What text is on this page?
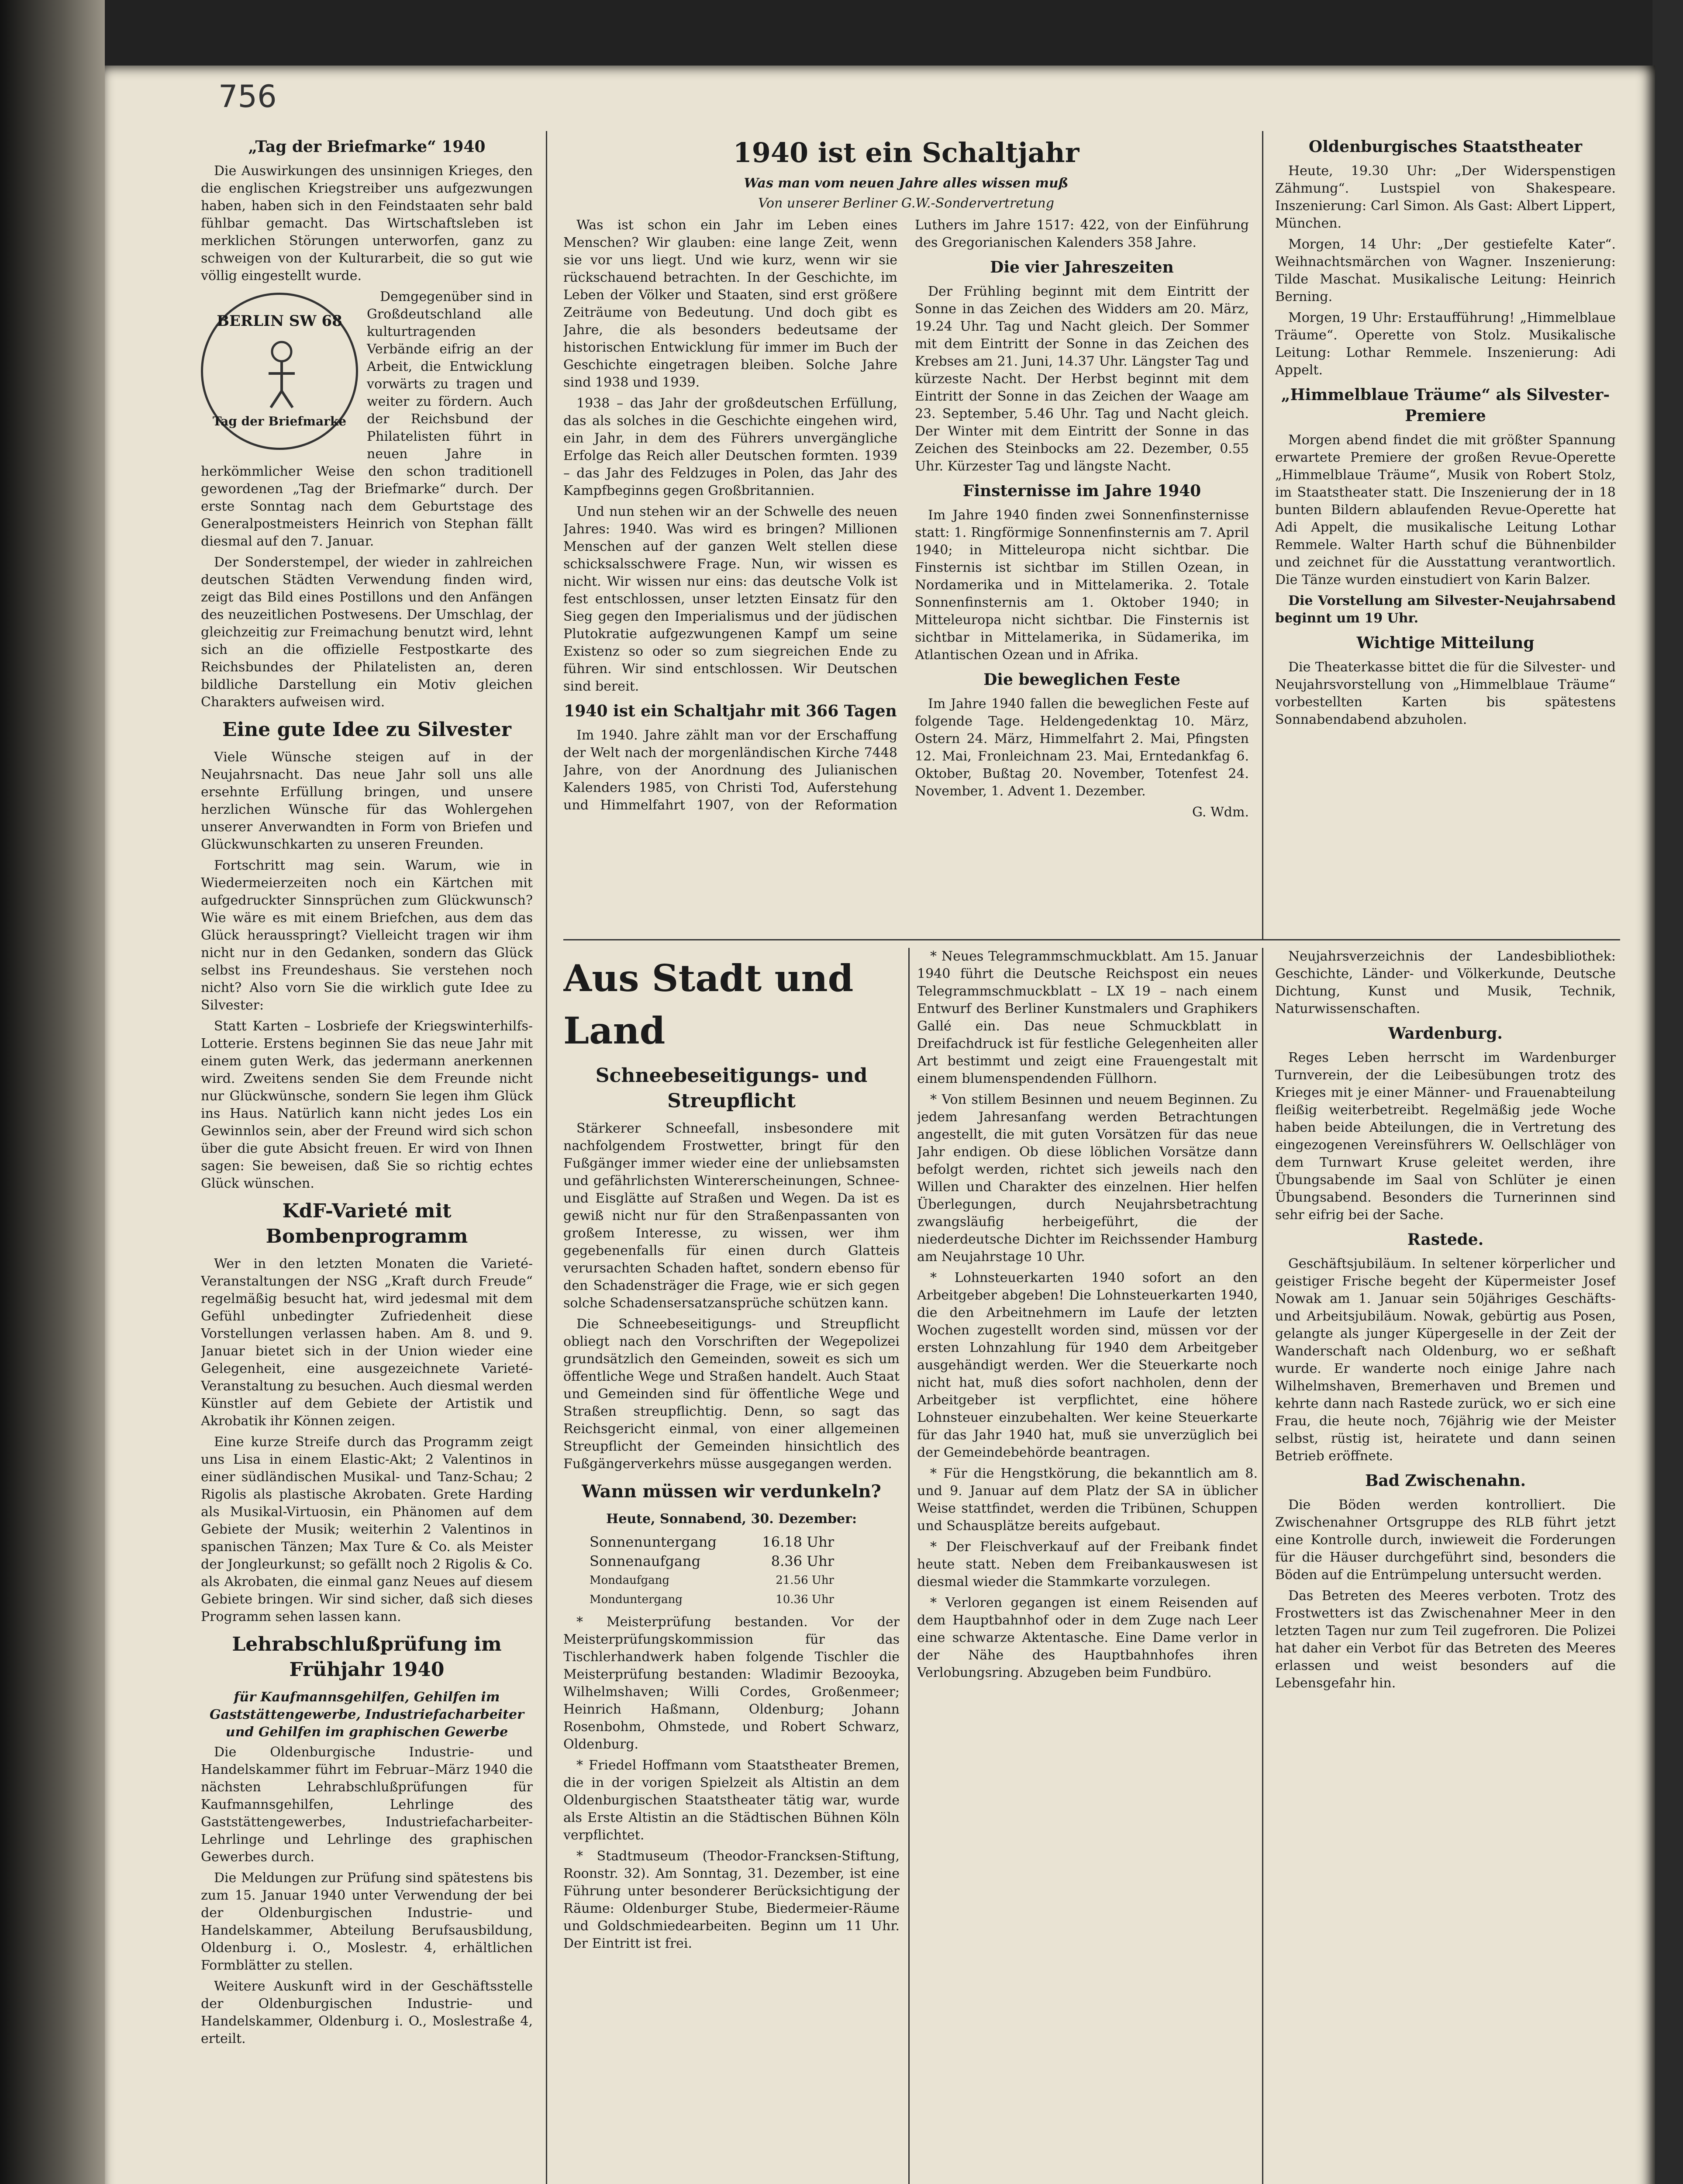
756
„Tag der Briefmarke“ 1940

Die Auswirkungen des unsinnigen Krieges, den die englischen Kriegstreiber uns aufgezwungen haben, haben sich in den Feindstaaten sehr bald fühlbar gemacht. Das Wirtschaftsleben ist merklichen Störungen unterworfen, ganz zu schweigen von der Kulturarbeit, die so gut wie völlig eingestellt wurde.

BERLIN SW 68
Tag der Briefmarke

Demgegenüber sind in Großdeutschland alle kulturtragenden Verbände eifrig an der Arbeit, die Entwicklung vorwärts zu tragen und weiter zu fördern. Auch der Reichsbund der Philatelisten führt in neuen Jahre in herkömmlicher Weise den schon traditionell gewordenen „Tag der Briefmarke“ durch. Der erste Sonntag nach dem Geburtstage des Generalpostmeisters Heinrich von Stephan fällt diesmal auf den 7. Januar.

Der Sonderstempel, der wieder in zahlreichen deutschen Städten Verwendung finden wird, zeigt das Bild eines Postillons und den Anfängen des neuzeitlichen Postwesens. Der Umschlag, der gleichzeitig zur Freimachung benutzt wird, lehnt sich an die offizielle Festpostkarte des Reichsbundes der Philatelisten an, deren bildliche Darstellung ein Motiv gleichen Charakters aufweisen wird.

Eine gute Idee zu Silvester

Viele Wünsche steigen auf in der Neujahrsnacht. Das neue Jahr soll uns alle ersehnte Erfüllung bringen, und unsere herzlichen Wünsche für das Wohlergehen unserer Anverwandten in Form von Briefen und Glückwunschkarten zu unseren Freunden.

Fortschritt mag sein. Warum, wie in Wiedermeierzeiten noch ein Kärtchen mit aufgedruckter Sinnsprüchen zum Glückwunsch? Wie wäre es mit einem Briefchen, aus dem das Glück herausspringt? Vielleicht tragen wir ihm nicht nur in den Gedanken, sondern das Glück selbst ins Freundeshaus. Sie verstehen noch nicht? Also vorn Sie die wirklich gute Idee zu Silvester:

Statt Karten – Losbriefe der Kriegswinterhilfs-Lotterie. Erstens beginnen Sie das neue Jahr mit einem guten Werk, das jedermann anerkennen wird. Zweitens senden Sie dem Freunde nicht nur Glückwünsche, sondern Sie legen ihm Glück ins Haus. Natürlich kann nicht jedes Los ein Gewinnlos sein, aber der Freund wird sich schon über die gute Absicht freuen. Er wird von Ihnen sagen: Sie beweisen, daß Sie so richtig echtes Glück wünschen.

KdF-Varieté mit Bombenprogramm

Wer in den letzten Monaten die Varieté-Veranstaltungen der NSG „Kraft durch Freude“ regelmäßig besucht hat, wird jedesmal mit dem Gefühl unbedingter Zufriedenheit diese Vorstellungen verlassen haben. Am 8. und 9. Januar bietet sich in der Union wieder eine Gelegenheit, eine ausgezeichnete Varieté-Veranstaltung zu besuchen. Auch diesmal werden Künstler auf dem Gebiete der Artistik und Akrobatik ihr Können zeigen.

Eine kurze Streife durch das Programm zeigt uns Lisa in einem Elastic-Akt; 2 Valentinos in einer südländischen Musikal- und Tanz-Schau; 2 Rigolis als plastische Akrobaten. Grete Harding als Musikal-Virtuosin, ein Phänomen auf dem Gebiete der Musik; weiterhin 2 Valentinos in spanischen Tänzen; Max Ture & Co. als Meister der Jongleurkunst; so gefällt noch 2 Rigolis & Co. als Akrobaten, die einmal ganz Neues auf diesem Gebiete bringen. Wir sind sicher, daß sich dieses Programm sehen lassen kann.

Lehrabschlußprüfung im Frühjahr 1940
für Kaufmannsgehilfen, Gehilfen im Gaststättengewerbe, Industriefacharbeiter und Gehilfen im graphischen Gewerbe

Die Oldenburgische Industrie- und Handelskammer führt im Februar–März 1940 die nächsten Lehrabschlußprüfungen für Kaufmannsgehilfen, Lehrlinge des Gaststättengewerbes, Industriefacharbeiter-Lehrlinge und Lehrlinge des graphischen Gewerbes durch.

Die Meldungen zur Prüfung sind spätestens bis zum 15. Januar 1940 unter Verwendung der bei der Oldenburgischen Industrie- und Handelskammer, Abteilung Berufsausbildung, Oldenburg i. O., Moslestr. 4, erhältlichen Formblätter zu stellen.

Weitere Auskunft wird in der Geschäftsstelle der Oldenburgischen Industrie- und Handelskammer, Oldenburg i. O., Moslestraße 4, erteilt.

1940 ist ein Schaltjahr
Was man vom neuen Jahre alles wissen muß
Von unserer Berliner G.W.-Sondervertretung

Was ist schon ein Jahr im Leben eines Menschen? Wir glauben: eine lange Zeit, wenn sie vor uns liegt. Und wie kurz, wenn wir sie rückschauend betrachten. In der Geschichte, im Leben der Völker und Staaten, sind erst größere Zeiträume von Bedeutung. Und doch gibt es Jahre, die als besonders bedeutsame der historischen Entwicklung für immer im Buch der Geschichte eingetragen bleiben. Solche Jahre sind 1938 und 1939.

1938 – das Jahr der großdeutschen Erfüllung, das als solches in die Geschichte eingehen wird, ein Jahr, in dem des Führers unvergängliche Erfolge das Reich aller Deutschen formten. 1939 – das Jahr des Feldzuges in Polen, das Jahr des Kampfbeginns gegen Großbritannien.

Und nun stehen wir an der Schwelle des neuen Jahres: 1940. Was wird es bringen? Millionen Menschen auf der ganzen Welt stellen diese schicksalsschwere Frage. Nun, wir wissen es nicht. Wir wissen nur eins: das deutsche Volk ist fest entschlossen, unser letzten Einsatz für den Sieg gegen den Imperialismus und der jüdischen Plutokratie aufgezwungenen Kampf um seine Existenz so oder so zum siegreichen Ende zu führen. Wir sind entschlossen. Wir Deutschen sind bereit.

1940 ist ein Schaltjahr mit 366 Tagen

Im 1940. Jahre zählt man vor der Erschaffung der Welt nach der morgenländischen Kirche 7448 Jahre, von der Anordnung des Julianischen Kalenders 1985, von Christi Tod, Auferstehung und Himmelfahrt 1907, von der Reformation Luthers im Jahre 1517: 422, von der Einführung des Gregorianischen Kalenders 358 Jahre.

Die vier Jahreszeiten

Der Frühling beginnt mit dem Eintritt der Sonne in das Zeichen des Widders am 20. März, 19.24 Uhr. Tag und Nacht gleich. Der Sommer mit dem Eintritt der Sonne in das Zeichen des Krebses am 21. Juni, 14.37 Uhr. Längster Tag und kürzeste Nacht. Der Herbst beginnt mit dem Eintritt der Sonne in das Zeichen der Waage am 23. September, 5.46 Uhr. Tag und Nacht gleich. Der Winter mit dem Eintritt der Sonne in das Zeichen des Steinbocks am 22. Dezember, 0.55 Uhr. Kürzester Tag und längste Nacht.

Finsternisse im Jahre 1940

Im Jahre 1940 finden zwei Sonnenfinsternisse statt: 1. Ringförmige Sonnenfinsternis am 7. April 1940; in Mitteleuropa nicht sichtbar. Die Finsternis ist sichtbar im Stillen Ozean, in Nordamerika und in Mittelamerika. 2. Totale Sonnenfinsternis am 1. Oktober 1940; in Mitteleuropa nicht sichtbar. Die Finsternis ist sichtbar in Mittelamerika, in Südamerika, im Atlantischen Ozean und in Afrika.

Die beweglichen Feste

Im Jahre 1940 fallen die beweglichen Feste auf folgende Tage. Heldengedenktag 10. März, Ostern 24. März, Himmelfahrt 2. Mai, Pfingsten 12. Mai, Fronleichnam 23. Mai, Erntedankfag 6. Oktober, Bußtag 20. November, Totenfest 24. November, 1. Advent 1. Dezember.

G. Wdm.
Oldenburgisches Staatstheater

Heute, 19.30 Uhr: „Der Widerspenstigen Zähmung“. Lustspiel von Shakespeare. Inszenierung: Carl Simon. Als Gast: Albert Lippert, München.

Morgen, 14 Uhr: „Der gestiefelte Kater“. Weihnachtsmärchen von Wagner. Inszenierung: Tilde Maschat. Musikalische Leitung: Heinrich Berning.

Morgen, 19 Uhr: Erstaufführung! „Himmelblaue Träume“. Operette von Stolz. Musikalische Leitung: Lothar Remmele. Inszenierung: Adi Appelt.

„Himmelblaue Träume“ als Silvester-Premiere

Morgen abend findet die mit größter Spannung erwartete Premiere der großen Revue-Operette „Himmelblaue Träume“, Musik von Robert Stolz, im Staatstheater statt. Die Inszenierung der in 18 bunten Bildern ablaufenden Revue-Operette hat Adi Appelt, die musikalische Leitung Lothar Remmele. Walter Harth schuf die Bühnenbilder und zeichnet für die Ausstattung verantwortlich. Die Tänze wurden einstudiert von Karin Balzer.

Die Vorstellung am Silvester-Neujahrsabend beginnt um 19 Uhr.

Wichtige Mitteilung

Die Theaterkasse bittet die für die Silvester- und Neujahrsvorstellung von „Himmelblaue Träume“ vorbestellten Karten bis spätestens Sonnabendabend abzuholen.

Aus Stadt und Land
Schneebeseitigungs- und Streupflicht

Stärkerer Schneefall, insbesondere mit nachfolgendem Frostwetter, bringt für den Fußgänger immer wieder eine der unliebsamsten und gefährlichsten Wintererscheinungen, Schnee- und Eisglätte auf Straßen und Wegen. Da ist es gewiß nicht nur für den Straßenpassanten von großem Interesse, zu wissen, wer ihm gegebenenfalls für einen durch Glatteis verursachten Schaden haftet, sondern ebenso für den Schadensträger die Frage, wie er sich gegen solche Schadensersatzansprüche schützen kann.

Die Schneebeseitigungs- und Streupflicht obliegt nach den Vorschriften der Wegepolizei grundsätzlich den Gemeinden, soweit es sich um öffentliche Wege und Straßen handelt. Auch Staat und Gemeinden sind für öffentliche Wege und Straßen streupflichtig. Denn, so sagt das Reichsgericht einmal, von einer allgemeinen Streupflicht der Gemeinden hinsichtlich des Fußgängerverkehrs müsse ausgegangen werden.

Wann müssen wir verdunkeln?
Heute, Sonnabend, 30. Dezember:
Sonnenuntergang	16.18 Uhr
Sonnenaufgang	8.36 Uhr
Mondaufgang	21.56 Uhr
Monduntergang	10.36 Uhr

* Meisterprüfung bestanden. Vor der Meisterprüfungskommission für das Tischlerhandwerk haben folgende Tischler die Meisterprüfung bestanden: Wladimir Bezooyka, Wilhelmshaven; Willi Cordes, Großenmeer; Heinrich Haßmann, Oldenburg; Johann Rosenbohm, Ohmstede, und Robert Schwarz, Oldenburg.

* Friedel Hoffmann vom Staatstheater Bremen, die in der vorigen Spielzeit als Altistin an dem Oldenburgischen Staatstheater tätig war, wurde als Erste Altistin an die Städtischen Bühnen Köln verpflichtet.

* Stadtmuseum (Theodor-Francksen-Stiftung, Roonstr. 32). Am Sonntag, 31. Dezember, ist eine Führung unter besonderer Berücksichtigung der Räume: Oldenburger Stube, Biedermeier-Räume und Goldschmiedearbeiten. Beginn um 11 Uhr. Der Eintritt ist frei.

* Neues Telegrammschmuckblatt. Am 15. Januar 1940 führt die Deutsche Reichspost ein neues Telegrammschmuckblatt – LX 19 – nach einem Entwurf des Berliner Kunstmalers und Graphikers Gallé ein. Das neue Schmuckblatt in Dreifachdruck ist für festliche Gelegenheiten aller Art bestimmt und zeigt eine Frauengestalt mit einem blumenspendenden Füllhorn.

* Von stillem Besinnen und neuem Beginnen. Zu jedem Jahresanfang werden Betrachtungen angestellt, die mit guten Vorsätzen für das neue Jahr endigen. Ob diese löblichen Vorsätze dann befolgt werden, richtet sich jeweils nach den Willen und Charakter des einzelnen. Hier helfen Überlegungen, durch Neujahrsbetrachtung zwangsläufig herbeigeführt, die der niederdeutsche Dichter im Reichssender Hamburg am Neujahrstage 10 Uhr.

* Lohnsteuerkarten 1940 sofort an den Arbeitgeber abgeben! Die Lohnsteuerkarten 1940, die den Arbeitnehmern im Laufe der letzten Wochen zugestellt worden sind, müssen vor der ersten Lohnzahlung für 1940 dem Arbeitgeber ausgehändigt werden. Wer die Steuerkarte noch nicht hat, muß dies sofort nachholen, denn der Arbeitgeber ist verpflichtet, eine höhere Lohnsteuer einzubehalten. Wer keine Steuerkarte für das Jahr 1940 hat, muß sie unverzüglich bei der Gemeindebehörde beantragen.

* Für die Hengstkörung, die bekanntlich am 8. und 9. Januar auf dem Platz der SA in üblicher Weise stattfindet, werden die Tribünen, Schuppen und Schausplätze bereits aufgebaut.

* Der Fleischverkauf auf der Freibank findet heute statt. Neben dem Freibankauswesen ist diesmal wieder die Stammkarte vorzulegen.

* Verloren gegangen ist einem Reisenden auf dem Hauptbahnhof oder in dem Zuge nach Leer eine schwarze Aktentasche. Eine Dame verlor in der Nähe des Hauptbahnhofes ihren Verlobungsring. Abzugeben beim Fundbüro.

Neujahrsverzeichnis der Landesbibliothek: Geschichte, Länder- und Völkerkunde, Deutsche Dichtung, Kunst und Musik, Technik, Naturwissenschaften.

Wardenburg.

Reges Leben herrscht im Wardenburger Turnverein, der die Leibesübungen trotz des Krieges mit je einer Männer- und Frauenabteilung fleißig weiterbetreibt. Regelmäßig jede Woche haben beide Abteilungen, die in Vertretung des eingezogenen Vereinsführers W. Oellschläger von dem Turnwart Kruse geleitet werden, ihre Übungsabende im Saal von Schlüter je einen Übungsabend. Besonders die Turnerinnen sind sehr eifrig bei der Sache.

Rastede.

Geschäftsjubiläum. In seltener körperlicher und geistiger Frische begeht der Küpermeister Josef Nowak am 1. Januar sein 50jähriges Geschäfts- und Arbeitsjubiläum. Nowak, gebürtig aus Posen, gelangte als junger Küpergeselle in der Zeit der Wanderschaft nach Oldenburg, wo er seßhaft wurde. Er wanderte noch einige Jahre nach Wilhelmshaven, Bremerhaven und Bremen und kehrte dann nach Rastede zurück, wo er sich eine Frau, die heute noch, 76jährig wie der Meister selbst, rüstig ist, heiratete und dann seinen Betrieb eröffnete.

Bad Zwischenahn.

Die Böden werden kontrolliert. Die Zwischenahner Ortsgruppe des RLB führt jetzt eine Kontrolle durch, inwieweit die Forderungen für die Häuser durchgeführt sind, besonders die Böden auf die Entrümpelung untersucht werden.

Das Betreten des Meeres verboten. Trotz des Frostwetters ist das Zwischenahner Meer in den letzten Tagen nur zum Teil zugefroren. Die Polizei hat daher ein Verbot für das Betreten des Meeres erlassen und weist besonders auf die Lebensgefahr hin.
